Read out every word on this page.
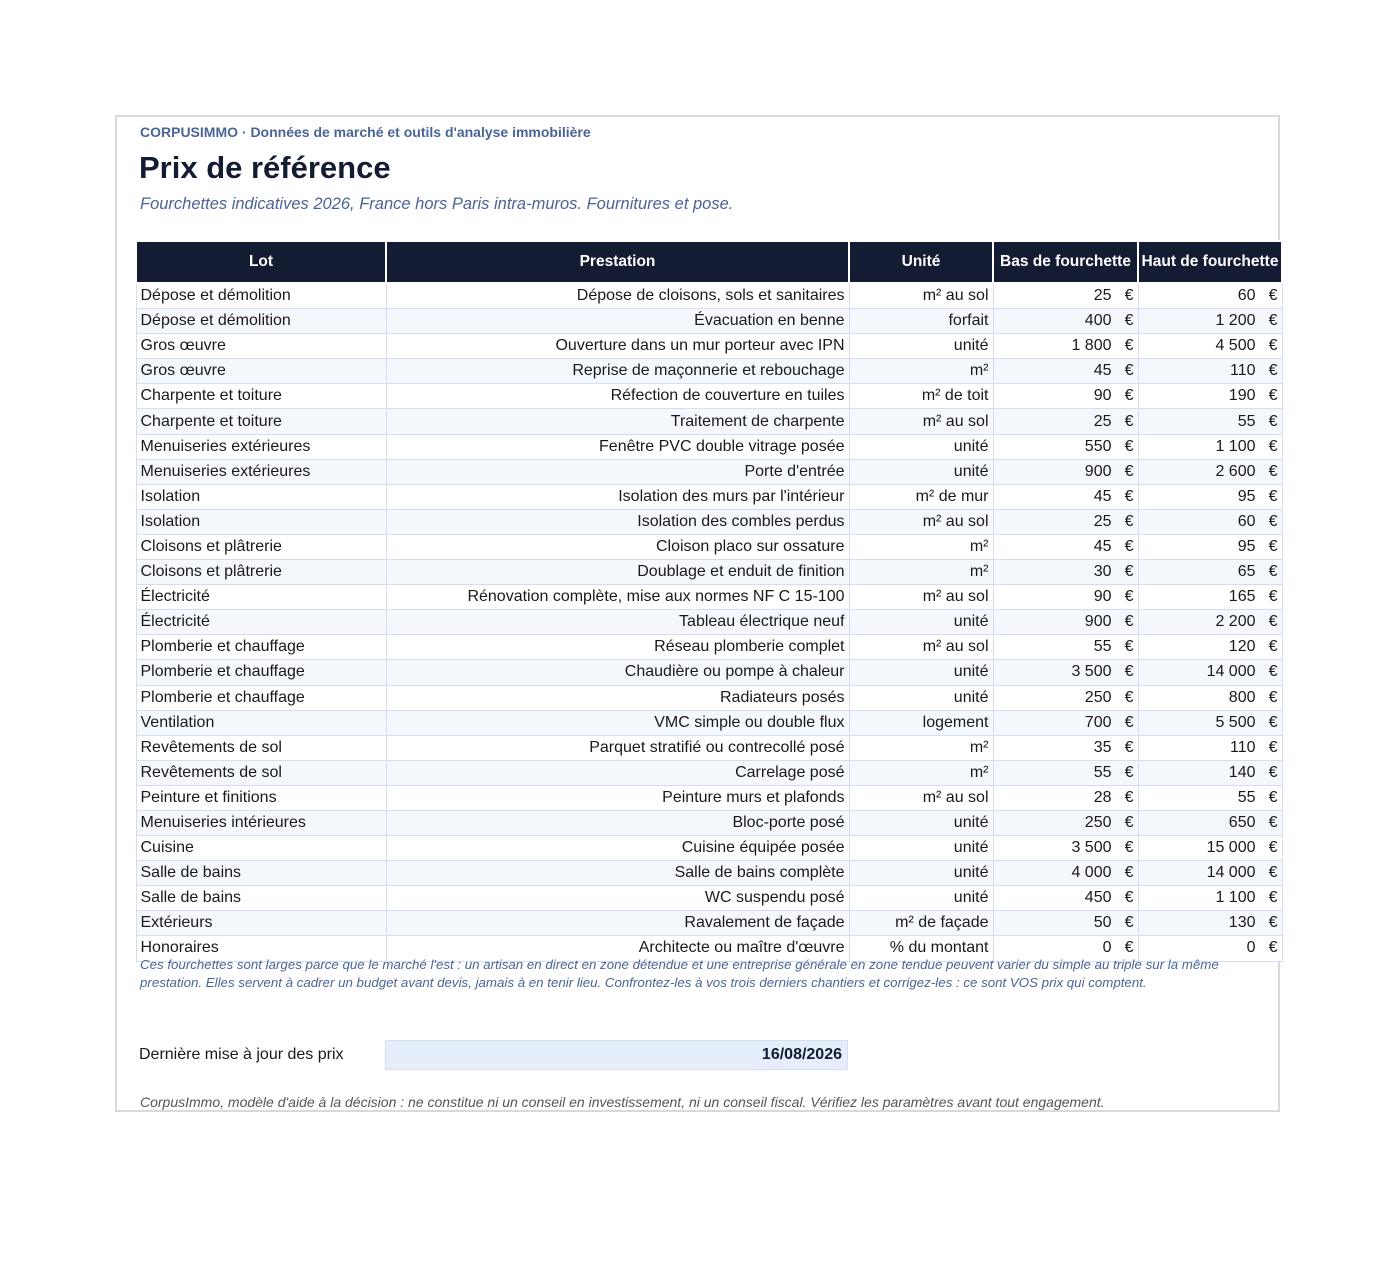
CORPUSIMMO · Données de marché et outils d'analyse immobilière
Prix de référence
Fourchettes indicatives 2026, France hors Paris intra-muros. Fournitures et pose.
Lot	Prestation	Unité	Bas de fourchette	Haut de fourchette
Dépose et démolition	Dépose de cloisons, sols et sanitaires	m² au sol	25 €	60 €
Dépose et démolition	Évacuation en benne	forfait	400 €	1 200 €
Gros œuvre	Ouverture dans un mur porteur avec IPN	unité	1 800 €	4 500 €
Gros œuvre	Reprise de maçonnerie et rebouchage	m²	45 €	110 €
Charpente et toiture	Réfection de couverture en tuiles	m² de toit	90 €	190 €
Charpente et toiture	Traitement de charpente	m² au sol	25 €	55 €
Menuiseries extérieures	Fenêtre PVC double vitrage posée	unité	550 €	1 100 €
Menuiseries extérieures	Porte d'entrée	unité	900 €	2 600 €
Isolation	Isolation des murs par l'intérieur	m² de mur	45 €	95 €
Isolation	Isolation des combles perdus	m² au sol	25 €	60 €
Cloisons et plâtrerie	Cloison placo sur ossature	m²	45 €	95 €
Cloisons et plâtrerie	Doublage et enduit de finition	m²	30 €	65 €
Électricité	Rénovation complète, mise aux normes NF C 15-100	m² au sol	90 €	165 €
Électricité	Tableau électrique neuf	unité	900 €	2 200 €
Plomberie et chauffage	Réseau plomberie complet	m² au sol	55 €	120 €
Plomberie et chauffage	Chaudière ou pompe à chaleur	unité	3 500 €	14 000 €
Plomberie et chauffage	Radiateurs posés	unité	250 €	800 €
Ventilation	VMC simple ou double flux	logement	700 €	5 500 €
Revêtements de sol	Parquet stratifié ou contrecollé posé	m²	35 €	110 €
Revêtements de sol	Carrelage posé	m²	55 €	140 €
Peinture et finitions	Peinture murs et plafonds	m² au sol	28 €	55 €
Menuiseries intérieures	Bloc-porte posé	unité	250 €	650 €
Cuisine	Cuisine équipée posée	unité	3 500 €	15 000 €
Salle de bains	Salle de bains complète	unité	4 000 €	14 000 €
Salle de bains	WC suspendu posé	unité	450 €	1 100 €
Extérieurs	Ravalement de façade	m² de façade	50 €	130 €
Honoraires	Architecte ou maître d'œuvre	% du montant	0 €	0 €
Ces fourchettes sont larges parce que le marché l'est : un artisan en direct en zone détendue et une entreprise générale en zone tendue peuvent varier du simple au triple sur la même prestation. Elles servent à cadrer un budget avant devis, jamais à en tenir lieu. Confrontez-les à vos trois derniers chantiers et corrigez-les : ce sont VOS prix qui comptent.
Dernière mise à jour des prix	16/08/2026
CorpusImmo, modèle d'aide à la décision : ne constitue ni un conseil en investissement, ni un conseil fiscal. Vérifiez les paramètres avant tout engagement.
